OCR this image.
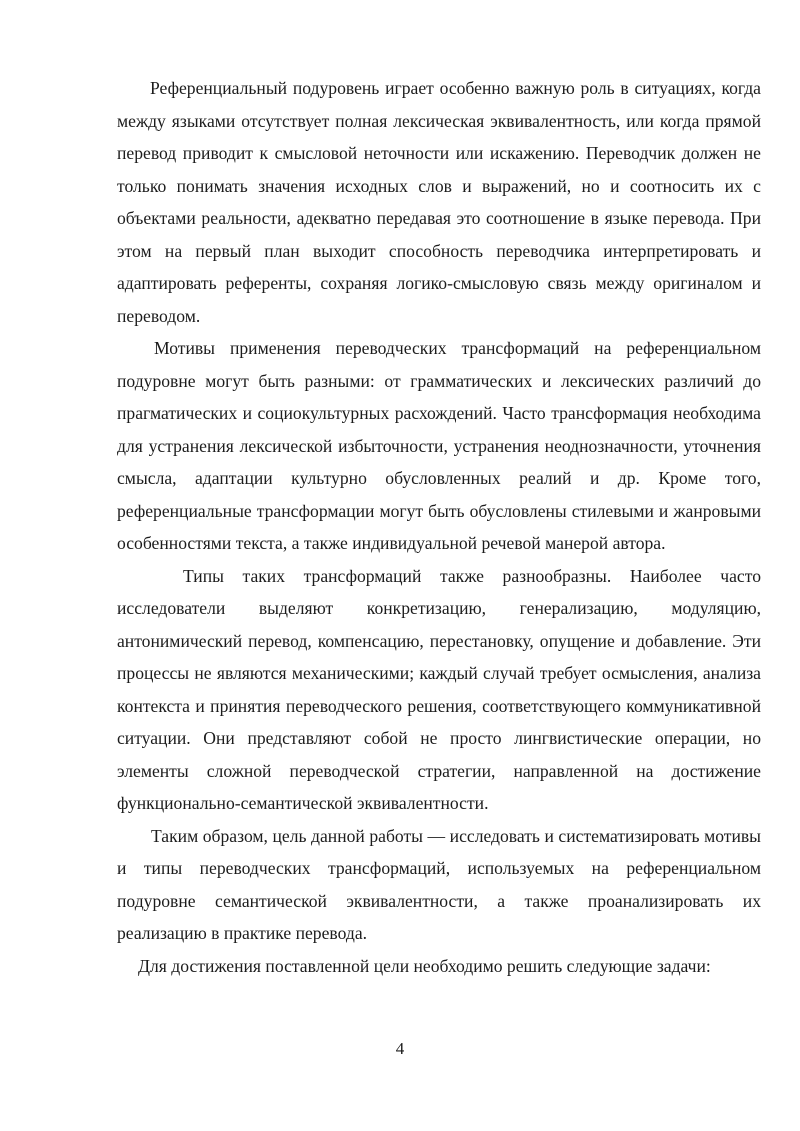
Референциальный подуровень играет особенно важную роль в ситуациях, когда между языками отсутствует полная лексическая эквивалентность, или когда прямой перевод приводит к смысловой неточности или искажению. Переводчик должен не только понимать значения исходных слов и выражений, но и соотносить их с объектами реальности, адекватно передавая это соотношение в языке перевода. При этом на первый план выходит способность переводчика интерпретировать и адаптировать референты, сохраняя логико-смысловую связь между оригиналом и переводом.

Мотивы применения переводческих трансформаций на референциальном подуровне могут быть разными: от грамматических и лексических различий до прагматических и социокультурных расхождений. Часто трансформация необходима для устранения лексической избыточности, устранения неоднозначности, уточнения смысла, адаптации культурно обусловленных реалий и др. Кроме того, референциальные трансформации могут быть обусловлены стилевыми и жанровыми особенностями текста, а также индивидуальной речевой манерой автора.

Типы таких трансформаций также разнообразны. Наиболее часто исследователи выделяют конкретизацию, генерализацию, модуляцию, антонимический перевод, компенсацию, перестановку, опущение и добавление. Эти процессы не являются механическими; каждый случай требует осмысления, анализа контекста и принятия переводческого решения, соответствующего коммуникативной ситуации. Они представляют собой не просто лингвистические операции, но элементы сложной переводческой стратегии, направленной на достижение функционально-семантической эквивалентности.

Таким образом, цель данной работы — исследовать и систематизировать мотивы и типы переводческих трансформаций, используемых на референциальном подуровне семантической эквивалентности, а также проанализировать их реализацию в практике перевода.

Для достижения поставленной цели необходимо решить следующие задачи:

4
